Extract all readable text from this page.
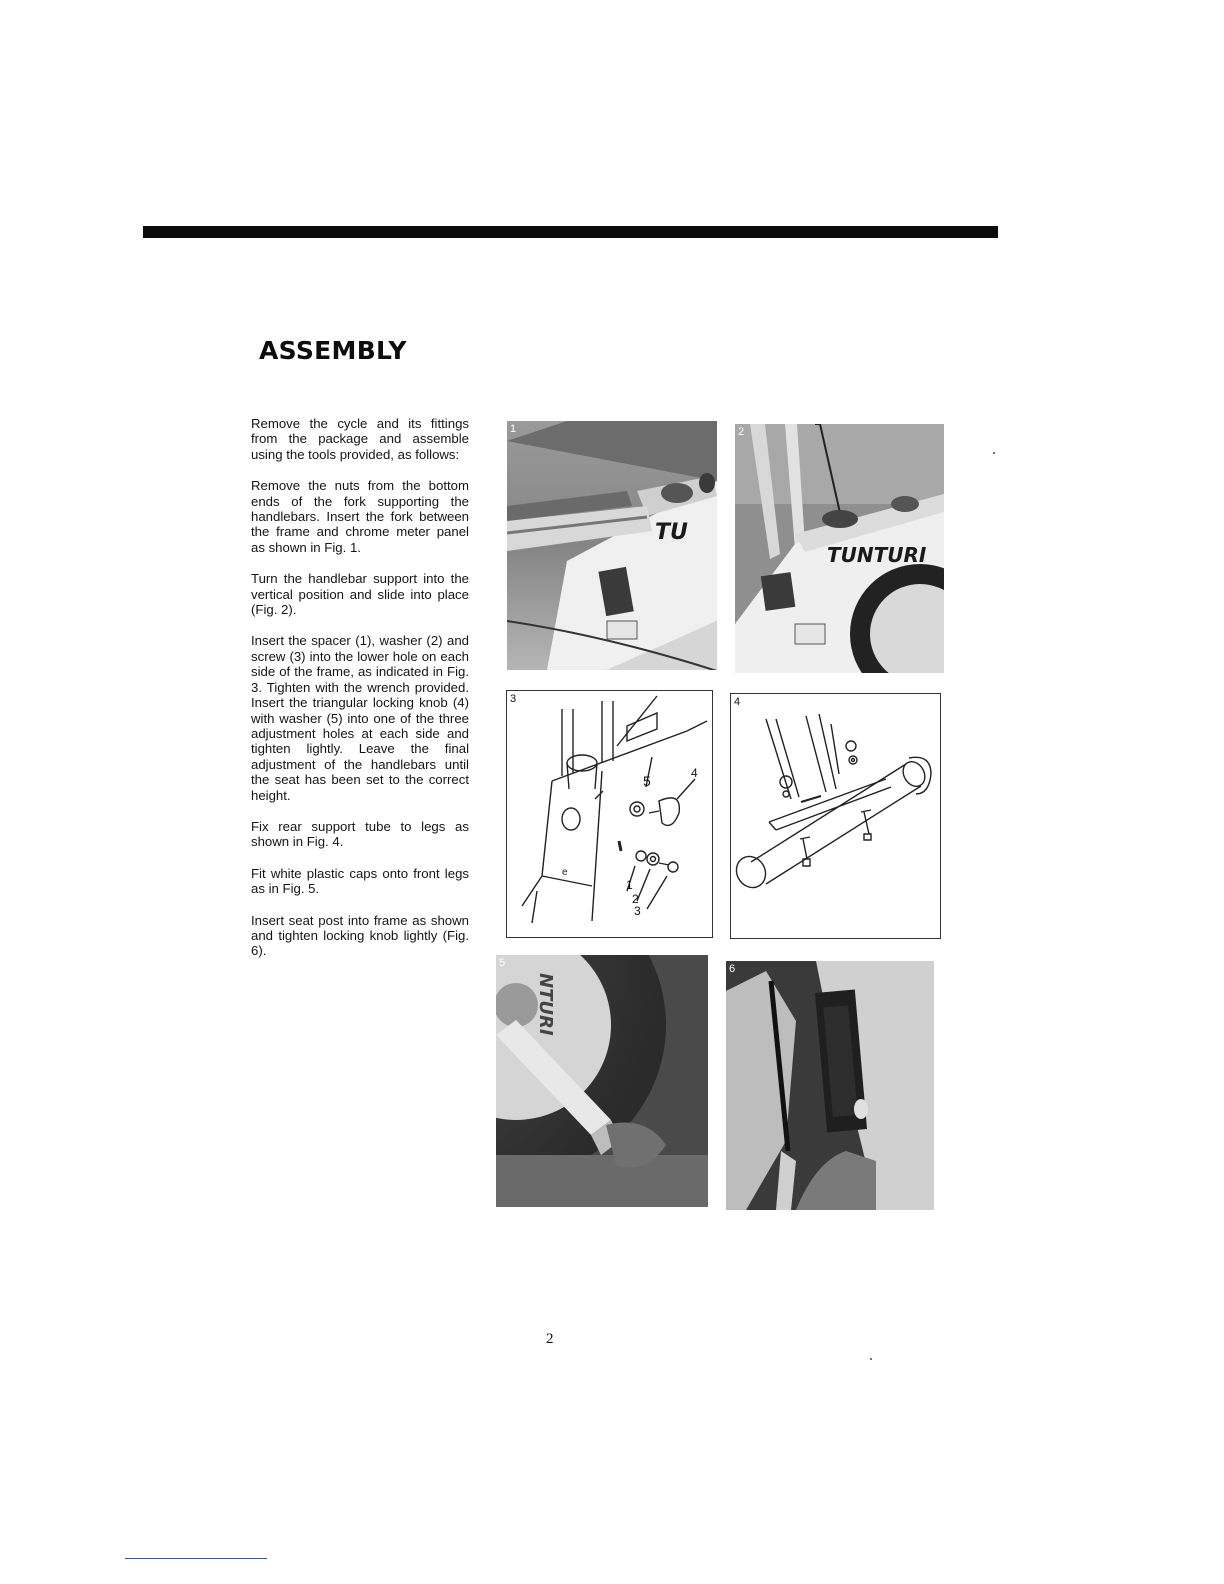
ASSEMBLY

Remove the cycle and its fittings from the package and assemble using the tools provided, as follows:

Remove the nuts from the bottom ends of the fork supporting the handlebars. Insert the fork between the frame and chrome meter panel as shown in Fig. 1.

Turn the handlebar support into the vertical position and slide into place (Fig. 2).

Insert the spacer (1), washer (2) and screw (3) into the lower hole on each side of the frame, as indicated in Fig. 3. Tighten with the wrench provided. Insert the triangular locking knob (4) with washer (5) into one of the three adjustment holes at each side and tighten lightly. Leave the final adjustment of the handlebars until the seat has been set to the correct height.

Fix rear support tube to legs as shown in Fig. 4.

Fit white plastic caps onto front legs as in Fig. 5.

Insert seat post into frame as shown and tighten locking knob lightly (Fig. 6).

TU
1
TUNTURI
2
e
5	4
1
2
3
3	4
NTURI
5	6
2
